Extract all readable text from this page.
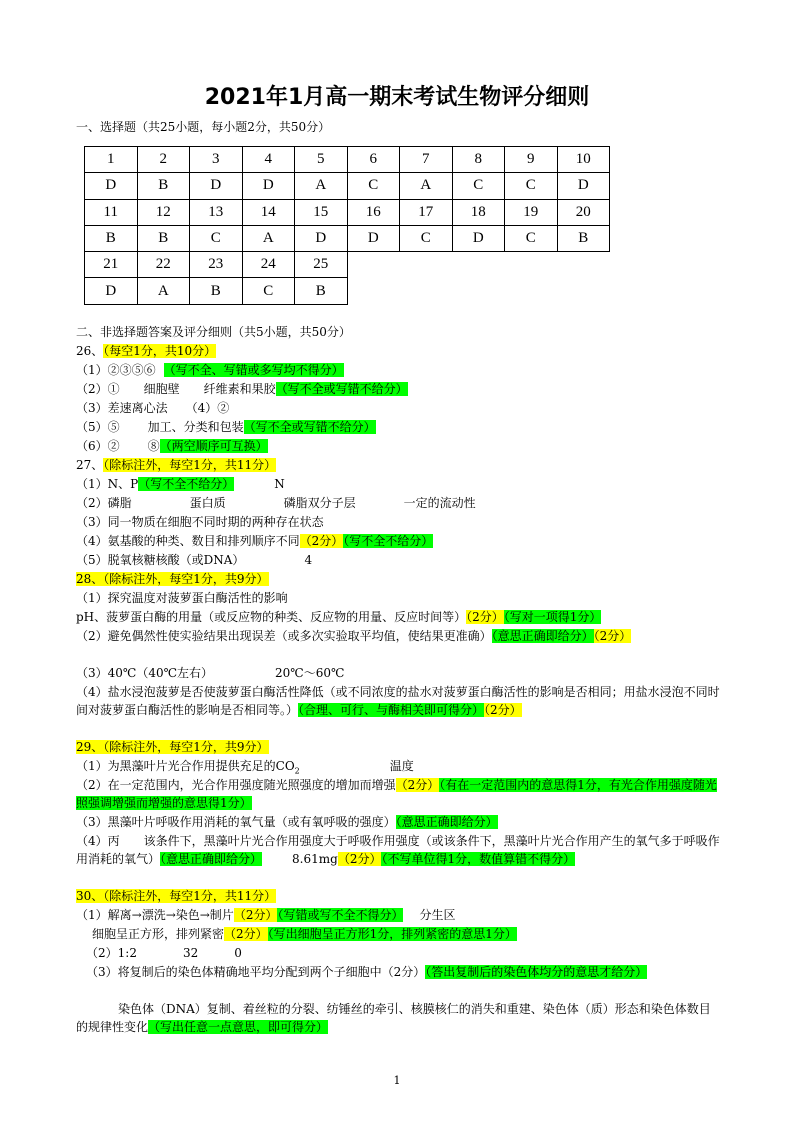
2021年1月高一期末考试生物评分细则
一、选择题（共25小题，每小题2分，共50分）
1	2	3	4	5	6	7	8	9	10
D	B	D	D	A	C	A	C	C	D
11	12	13	14	15	16	17	18	19	20
B	B	C	A	D	D	C	D	C	B
21	22	23	24	25					
D	A	B	C	B					
二、非选择题答案及评分细则（共5小题，共50分）
26、（每空1分，共10分）
（1）②③⑤⑥ （写不全、写错或多写均不得分）
（2）① 细胞壁 纤维素和果胶（写不全或写错不给分）
（3）差速离心法　　（4）②
（5）⑤ 加工、分类和包装（写不全或写错不给分）
（6）② ⑧（两空顺序可互换）
27、（除标注外，每空1分，共11分）
（1）N、P（写不全不给分）	N
（2）磷脂	蛋白质	磷脂双分子层	一定的流动性
（3）同一物质在细胞不同时期的两种存在状态
（4）氨基酸的种类、数目和排列顺序不同（2分）（写不全不给分）
（5）脱氧核糖核酸（或DNA）	4
28、（除标注外，每空1分，共9分）
（1）探究温度对菠萝蛋白酶活性的影响
pH、菠萝蛋白酶的用量（或反应物的种类、反应物的用量、反应时间等）（2分）（写对一项得1分）
（2）避免偶然性使实验结果出现误差（或多次实验取平均值，使结果更准确）（意思正确即给分）（2分）
（3）40℃（40℃左右）	20℃～60℃
（4）盐水浸泡菠萝是否使菠萝蛋白酶活性降低（或不同浓度的盐水对菠萝蛋白酶活性的影响是否相同；用盐水浸泡不同时间对菠萝蛋白酶活性的影响是否相同等。）（合理、可行、与酶相关即可得分）（2分）
29、（除标注外，每空1分，共9分）
（1）为黑藻叶片光合作用提供充足的$CO_2$	温度
（2）在一定范围内，光合作用强度随光照强度的增加而增强（2分）（有在一定范围内的意思得1分，有光合作用强度随光照强调增强而增强的意思得1分）
（3）黑藻叶片呼吸作用消耗的氧气量（或有氧呼吸的强度）（意思正确即给分）
（4）丙　　该条件下，黑藻叶片光合作用强度大于呼吸作用强度（或该条件下，黑藻叶片光合作用产生的氧气多于呼吸作用消耗的氧气）（意思正确即给分）	8.61mg（2分）（不写单位得1分，数值算错不得分）
30、（除标注外，每空1分，共11分）
（1）解离→漂洗→染色→制片（2分）（写错或写不全不得分） 分生区
细胞呈正方形，排列紧密（2分）（写出细胞呈正方形1分，排列紧密的意思1分）
（2）1:2	32	0
（3）将复制后的染色体精确地平均分配到两个子细胞中（2分）（答出复制后的染色体均分的意思才给分）
染色体（DNA）复制、着丝粒的分裂、纺锤丝的牵引、核膜核仁的消失和重建、染色体（质）形态和染色体数目的规律性变化（写出任意一点意思，即可得分）
1
